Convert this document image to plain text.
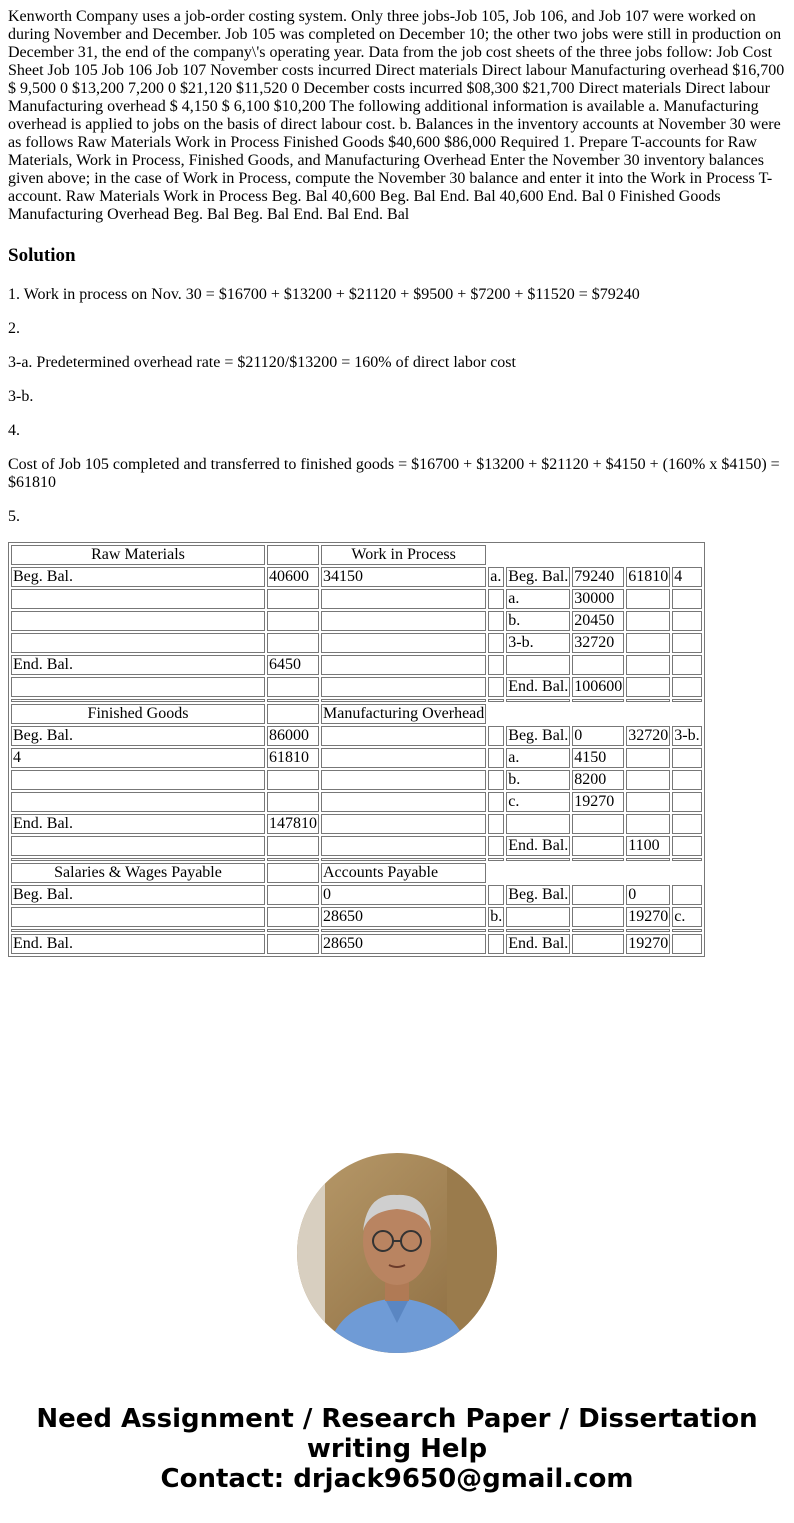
Kenworth Company uses a job-order costing system. Only three jobs-Job 105, Job 106, and Job 107 were worked on during November and December. Job 105 was completed on December 10; the other two jobs were still in production on December 31, the end of the company\'s operating year. Data from the job cost sheets of the three jobs follow: Job Cost Sheet Job 105 Job 106 Job 107 November costs incurred Direct materials Direct labour Manufacturing overhead $16,700 $ 9,500 0 $13,200 7,200 0 $21,120 $11,520 0 December costs incurred $08,300 $21,700 Direct materials Direct labour Manufacturing overhead $ 4,150 $ 6,100 $10,200 The following additional information is available a. Manufacturing overhead is applied to jobs on the basis of direct labour cost. b. Balances in the inventory accounts at November 30 were as follows Raw Materials Work in Process Finished Goods $40,600 $86,000 Required 1. Prepare T-accounts for Raw Materials, Work in Process, Finished Goods, and Manufacturing Overhead Enter the November 30 inventory balances given above; in the case of Work in Process, compute the November 30 balance and enter it into the Work in Process T-account. Raw Materials Work in Process Beg. Bal 40,600 Beg. Bal End. Bal 40,600 End. Bal 0 Finished Goods Manufacturing Overhead Beg. Bal Beg. Bal End. Bal End. Bal

Solution

1. Work in process on Nov. 30 = $16700 + $13200 + $21120 + $9500 + $7200 + $11520 = $79240

2.

3-a. Predetermined overhead rate = $21120/$13200 = 160% of direct labor cost

3-b.

4.

Cost of Job 105 completed and transferred to finished goods = $16700 + $13200 + $21120 + $4150 + (160% x $4150) = $61810

5.

Raw Materials		Work in Process					
Beg. Bal.	40600	34150	a.	Beg. Bal.	79240	61810	4
				a.	30000		
				b.	20450		
				3-b.	32720		
End. Bal.	6450						
				End. Bal.	100600		

Finished Goods		Manufacturing Overhead					
Beg. Bal.	86000			Beg. Bal.	0	32720	3-b.
4	61810			a.	4150		
				b.	8200		
				c.	19270		
End. Bal.	147810						
				End. Bal.		1100	

Salaries & Wages Payable		Accounts Payable					
Beg. Bal.		0		Beg. Bal.		0	
		28650	b.			19270	c.

End. Bal.		28650		End. Bal.		19270	
Need Assignment / Research Paper / Dissertation
writing Help
Contact: drjack9650@gmail.com
